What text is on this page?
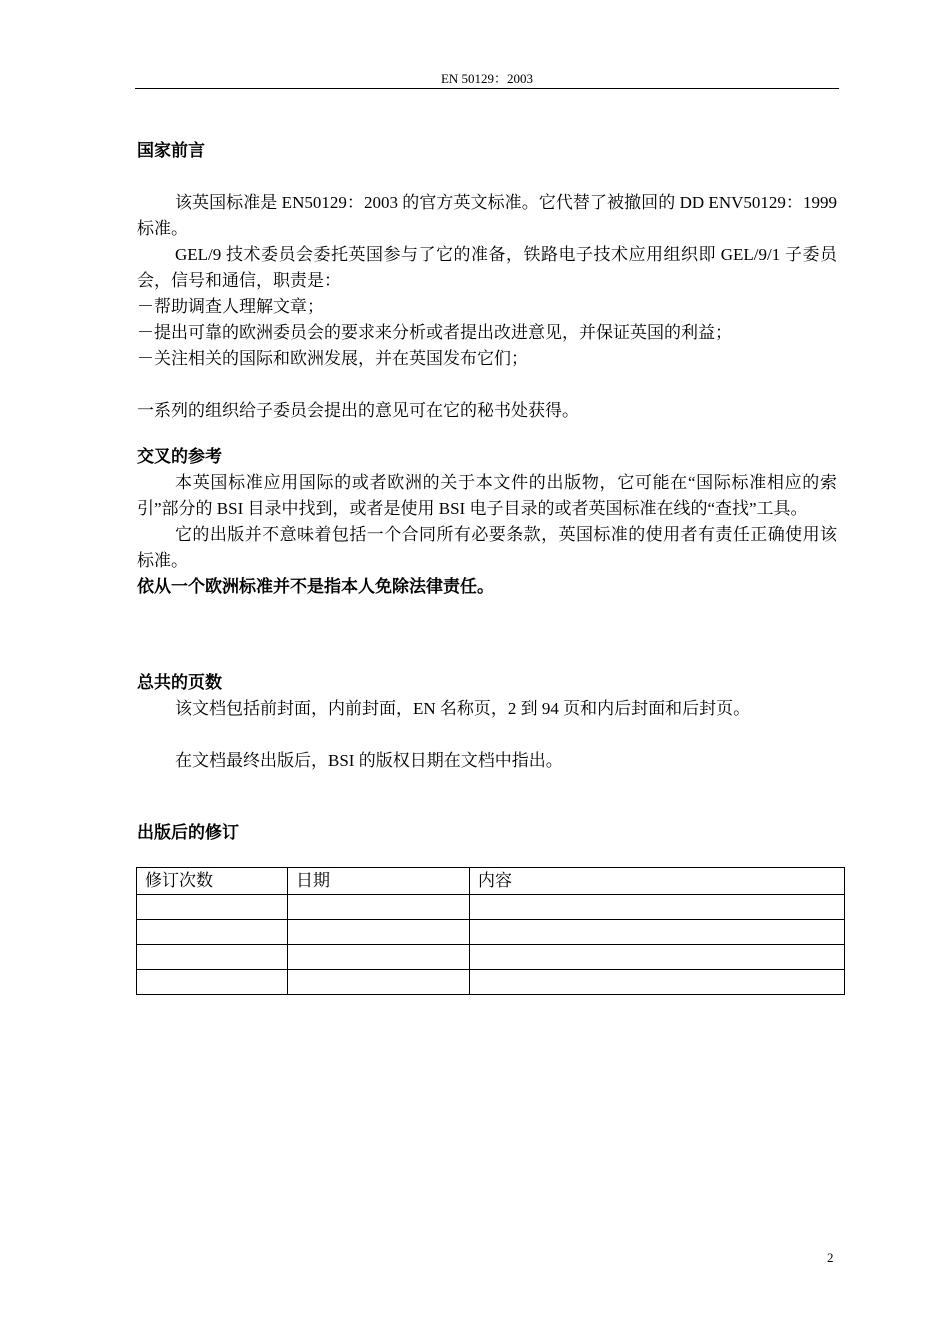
EN 50129：2003

国家前言

该英国标准是 EN50129：2003 的官方英文标准。它代替了被撤回的 DD ENV50129：1999 标准。

GEL/9 技术委员会委托英国参与了它的准备，铁路电子技术应用组织即 GEL/9/1 子委员会，信号和通信，职责是：

－帮助调查人理解文章；

－提出可靠的欧洲委员会的要求来分析或者提出改进意见，并保证英国的利益；

－关注相关的国际和欧洲发展，并在英国发布它们；

一系列的组织给子委员会提出的意见可在它的秘书处获得。

交叉的参考

本英国标准应用国际的或者欧洲的关于本文件的出版物，它可能在“国际标准相应的索引”部分的 BSI 目录中找到，或者是使用 BSI 电子目录的或者英国标准在线的“查找”工具。

它的出版并不意味着包括一个合同所有必要条款，英国标准的使用者有责任正确使用该标准。

依从一个欧洲标准并不是指本人免除法律责任。

总共的页数

该文档包括前封面，内前封面，EN 名称页，2 到 94 页和内后封面和后封页。

在文档最终出版后，BSI 的版权日期在文档中指出。

出版后的修订

修订次数	日期	内容

2
